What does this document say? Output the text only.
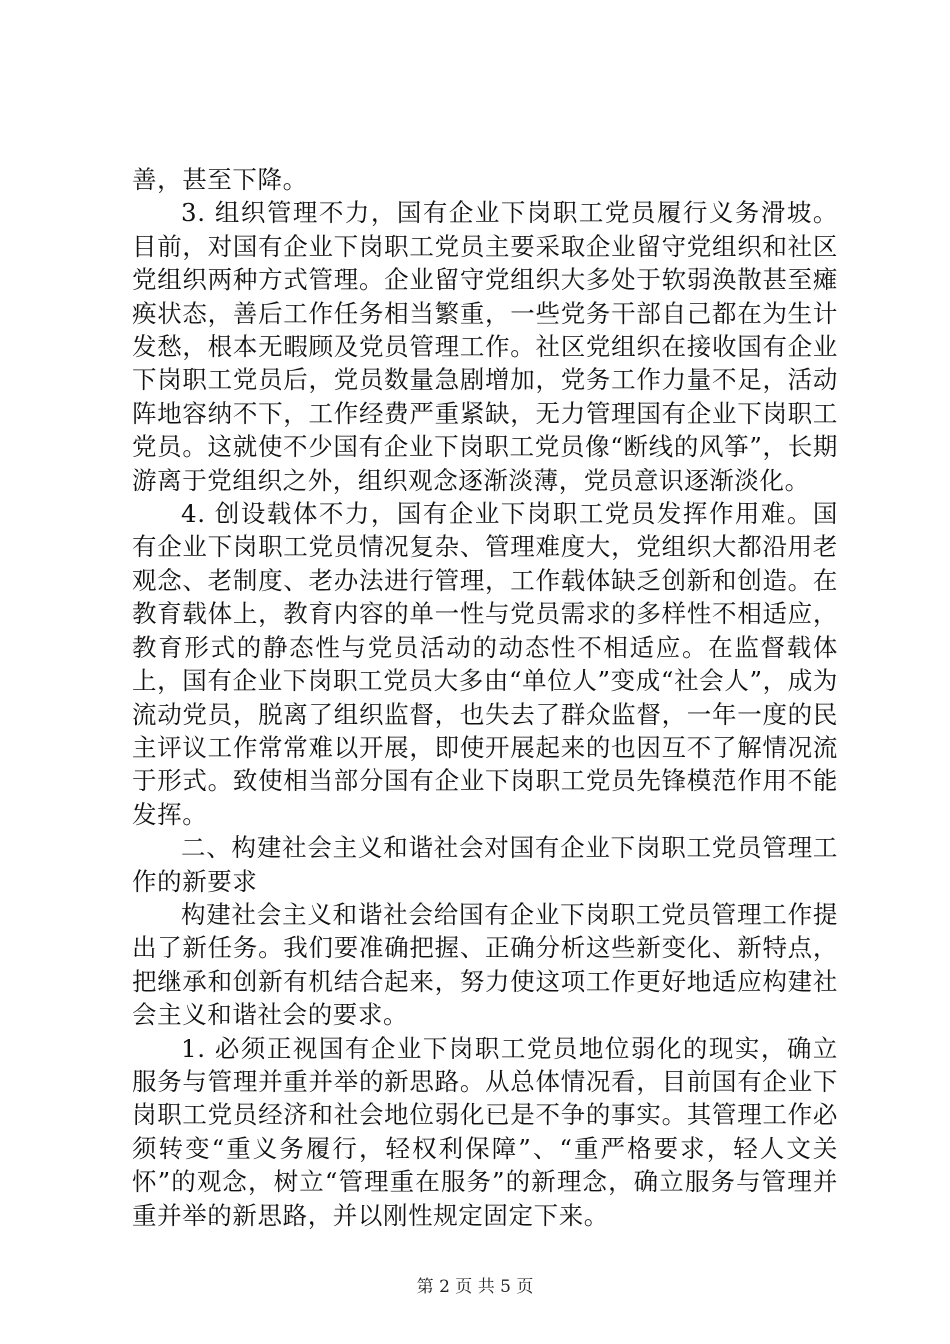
善，甚至下降。

3. 组织管理不力，国有企业下岗职工党员履行义务滑坡。目前，对国有企业下岗职工党员主要采取企业留守党组织和社区党组织两种方式管理。企业留守党组织大多处于软弱涣散甚至瘫痪状态，善后工作任务相当繁重，一些党务干部自己都在为生计发愁，根本无暇顾及党员管理工作。社区党组织在接收国有企业下岗职工党员后，党员数量急剧增加，党务工作力量不足，活动阵地容纳不下，工作经费严重紧缺，无力管理国有企业下岗职工党员。这就使不少国有企业下岗职工党员像“断线的风筝”，长期游离于党组织之外，组织观念逐渐淡薄，党员意识逐渐淡化。

4. 创设载体不力，国有企业下岗职工党员发挥作用难。国有企业下岗职工党员情况复杂、管理难度大，党组织大都沿用老观念、老制度、老办法进行管理，工作载体缺乏创新和创造。在教育载体上，教育内容的单一性与党员需求的多样性不相适应，教育形式的静态性与党员活动的动态性不相适应。在监督载体上，国有企业下岗职工党员大多由“单位人”变成“社会人”，成为流动党员，脱离了组织监督，也失去了群众监督，一年一度的民主评议工作常常难以开展，即使开展起来的也因互不了解情况流于形式。致使相当部分国有企业下岗职工党员先锋模范作用不能发挥。

二、构建社会主义和谐社会对国有企业下岗职工党员管理工作的新要求

构建社会主义和谐社会给国有企业下岗职工党员管理工作提出了新任务。我们要准确把握、正确分析这些新变化、新特点，把继承和创新有机结合起来，努力使这项工作更好地适应构建社会主义和谐社会的要求。

1. 必须正视国有企业下岗职工党员地位弱化的现实，确立服务与管理并重并举的新思路。从总体情况看，目前国有企业下岗职工党员经济和社会地位弱化已是不争的事实。其管理工作必须转变“重义务履行，轻权利保障”、“重严格要求，轻人文关怀”的观念，树立“管理重在服务”的新理念，确立服务与管理并重并举的新思路，并以刚性规定固定下来。

第 2 页 共 5 页
